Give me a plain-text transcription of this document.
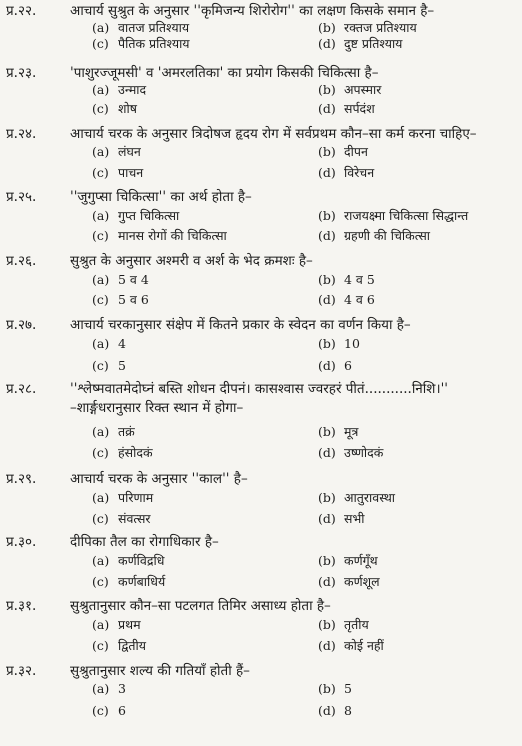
प्र.२२. आचार्य सुश्रुत के अनुसार ''कृमिजन्य शिरोरोग'' का लक्षण किसके समान है–
(a) वातज प्रतिश्याय	(b) रक्तज प्रतिश्याय
(c) पैतिक प्रतिश्याय	(d) दुष्ट प्रतिश्याय
प्र.२३. 'पाशुरज्जूमसी' व 'अमरलतिका' का प्रयोग किसकी चिकित्सा है–
(a) उन्माद	(b) अपस्मार
(c) शोष	(d) सर्पदंश
प्र.२४. आचार्य चरक के अनुसार त्रिदोषज हृदय रोग में सर्वप्रथम कौन–सा कर्म करना चाहिए–
(a) लंघन	(b) दीपन
(c) पाचन	(d) विरेचन
प्र.२५. ''जुगुप्सा चिकित्सा'' का अर्थ होता है–
(a) गुप्त चिकित्सा	(b) राजयक्ष्मा चिकित्सा सिद्धान्त
(c) मानस रोगों की चिकित्सा	(d) ग्रहणी की चिकित्सा
प्र.२६. सुश्रुत के अनुसार अश्मरी व अर्श के भेद क्रमशः है–
(a) 5 व 4	(b) 4 व 5
(c) 5 व 6	(d) 4 व 6
प्र.२७. आचार्य चरकानुसार संक्षेप में कितने प्रकार के स्वेदन का वर्णन किया है–
(a) 4	(b) 10
(c) 5	(d) 6
प्र.२८. ''श्लेष्मवातमेदोघ्नं बस्ति शोधन दीपनं। कासश्वास ज्वरहरं पीतं...........निशि।''
–शार्ङ्गधरानुसार रिक्त स्थान में होगा–
(a) तक्रं	(b) मूत्र
(c) हंसोदकं	(d) उष्णोदकं
प्र.२९. आचार्य चरक के अनुसार ''काल'' है–
(a) परिणाम	(b) आतुरावस्था
(c) संवत्सर	(d) सभी
प्र.३०. दीपिका तैल का रोगाधिकार है–
(a) कर्णविद्रधि	(b) कर्णगूँथ
(c) कर्णबाधिर्य	(d) कर्णशूल
प्र.३१. सुश्रुतानुसार कौन–सा पटलगत तिमिर असाध्य होता है–
(a) प्रथम	(b) तृतीय
(c) द्वितीय	(d) कोई नहीं
प्र.३२. सुश्रुतानुसार शल्य की गतियाँ होती हैं–
(a) 3	(b) 5
(c) 6	(d) 8
